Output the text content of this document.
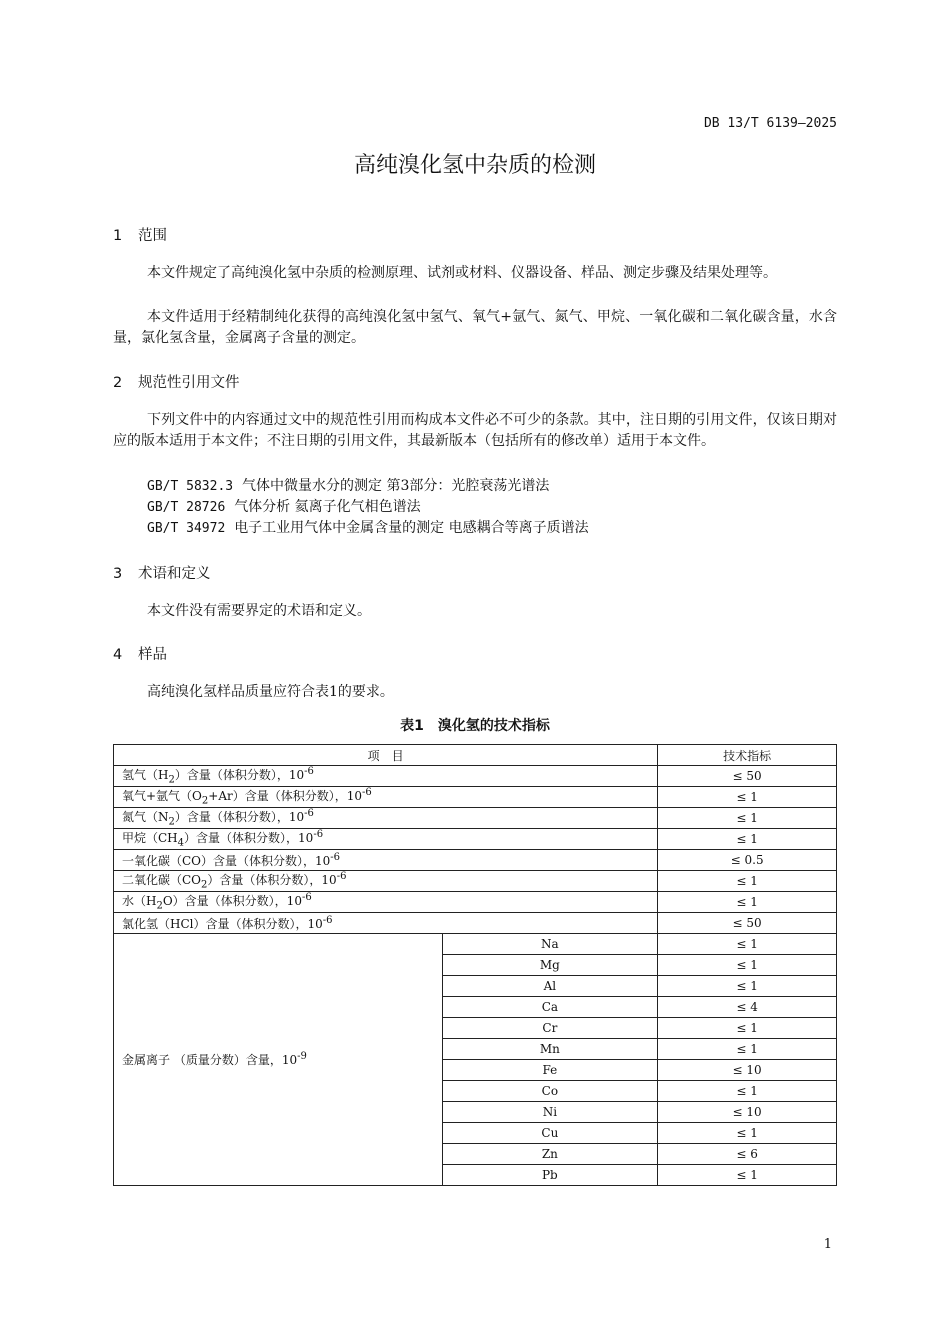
DB 13/T 6139—2025
高纯溴化氢中杂质的检测
1 范围
本文件规定了高纯溴化氢中杂质的检测原理、试剂或材料、仪器设备、样品、测定步骤及结果处理等。
本文件适用于经精制纯化获得的高纯溴化氢中氢气、氧气+氩气、氮气、甲烷、一氧化碳和二氧化碳含量，水含量，氯化氢含量，金属离子含量的测定。
2 规范性引用文件
下列文件中的内容通过文中的规范性引用而构成本文件必不可少的条款。其中，注日期的引用文件，仅该日期对应的版本适用于本文件；不注日期的引用文件，其最新版本（包括所有的修改单）适用于本文件。
GB/T 5832.3 气体中微量水分的测定 第3部分：光腔衰荡光谱法
GB/T 28726 气体分析 氦离子化气相色谱法
GB/T 34972 电子工业用气体中金属含量的测定 电感耦合等离子质谱法
3 术语和定义
本文件没有需要界定的术语和定义。
4 样品
高纯溴化氢样品质量应符合表1的要求。
表1　溴化氢的技术指标
项　目		技术指标
氢气$(H_2)$含量（体积分数），$10^{-6}$		≤ 50
氧气+氩气$(O_2+Ar)$含量（体积分数），$10^{-6}$		≤ 1
氮气$(N_2)$含量（体积分数），$10^{-6}$		≤ 1
甲烷$(CH_4)$含量（体积分数），$10^{-6}$		≤ 1
一氧化碳（CO）含量（体积分数），$10^{-6}$		≤ 0.5
二氧化碳$(CO_2)$含量（体积分数），$10^{-6}$		≤ 1
水$(H_2O)$含量（体积分数），$10^{-6}$		≤ 1
氯化氢（HCl）含量（体积分数），$10^{-6}$		≤ 50
金属离子 （质量分数）含量，$10^{-9}$	Na	≤ 1
	Mg	≤ 1
	Al	≤ 1
	Ca	≤ 4
	Cr	≤ 1
	Mn	≤ 1
	Fe	≤ 10
	Co	≤ 1
	Ni	≤ 10
	Cu	≤ 1
	Zn	≤ 6
	Pb	≤ 1
1
